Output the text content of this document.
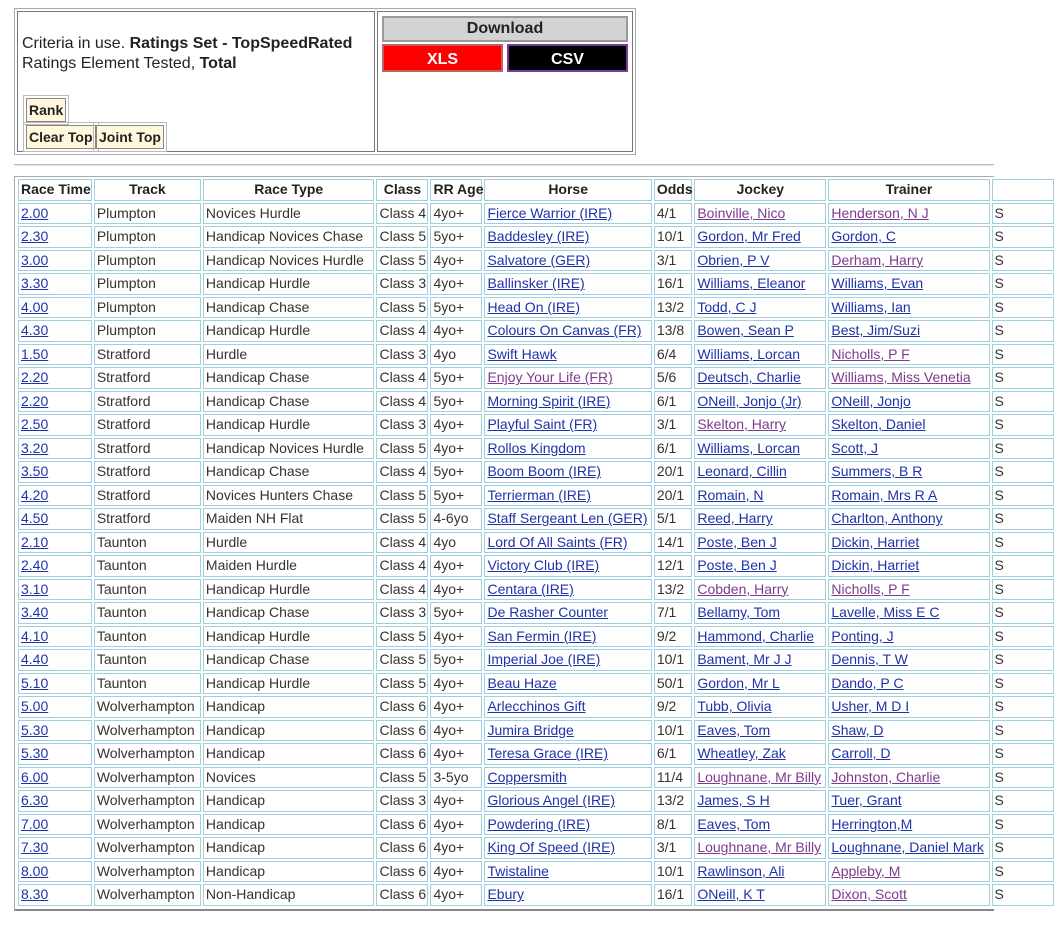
Criteria in use. Ratings Set - TopSpeedRated
Ratings Element Tested, Total
Rank
Clear Top Joint Top
Download
XLS	CSV
Race Time	Track	Race Type	Class	RR Age	Horse	Odds	Jockey	Trainer	
2.00	Plumpton	Novices Hurdle	Class 4	4yo+	Fierce Warrior (IRE)	4/1	Boinville, Nico	Henderson, N J	S
2.30	Plumpton	Handicap Novices Chase	Class 5	5yo+	Baddesley (IRE)	10/1	Gordon, Mr Fred	Gordon, C	S
3.00	Plumpton	Handicap Novices Hurdle	Class 5	4yo+	Salvatore (GER)	3/1	Obrien, P V	Derham, Harry	S
3.30	Plumpton	Handicap Hurdle	Class 3	4yo+	Ballinsker (IRE)	16/1	Williams, Eleanor	Williams, Evan	S
4.00	Plumpton	Handicap Chase	Class 5	5yo+	Head On (IRE)	13/2	Todd, C J	Williams, Ian	S
4.30	Plumpton	Handicap Hurdle	Class 4	4yo+	Colours On Canvas (FR)	13/8	Bowen, Sean P	Best, Jim/Suzi	S
1.50	Stratford	Hurdle	Class 3	4yo	Swift Hawk	6/4	Williams, Lorcan	Nicholls, P F	S
2.20	Stratford	Handicap Chase	Class 4	5yo+	Enjoy Your Life (FR)	5/6	Deutsch, Charlie	Williams, Miss Venetia	S
2.20	Stratford	Handicap Chase	Class 4	5yo+	Morning Spirit (IRE)	6/1	ONeill, Jonjo (Jr)	ONeill, Jonjo	S
2.50	Stratford	Handicap Hurdle	Class 3	4yo+	Playful Saint (FR)	3/1	Skelton, Harry	Skelton, Daniel	S
3.20	Stratford	Handicap Novices Hurdle	Class 5	4yo+	Rollos Kingdom	6/1	Williams, Lorcan	Scott, J	S
3.50	Stratford	Handicap Chase	Class 4	5yo+	Boom Boom (IRE)	20/1	Leonard, Cillin	Summers, B R	S
4.20	Stratford	Novices Hunters Chase	Class 5	5yo+	Terrierman (IRE)	20/1	Romain, N	Romain, Mrs R A	S
4.50	Stratford	Maiden NH Flat	Class 5	4-6yo	Staff Sergeant Len (GER)	5/1	Reed, Harry	Charlton, Anthony	S
2.10	Taunton	Hurdle	Class 4	4yo	Lord Of All Saints (FR)	14/1	Poste, Ben J	Dickin, Harriet	S
2.40	Taunton	Maiden Hurdle	Class 4	4yo+	Victory Club (IRE)	12/1	Poste, Ben J	Dickin, Harriet	S
3.10	Taunton	Handicap Hurdle	Class 4	4yo+	Centara (IRE)	13/2	Cobden, Harry	Nicholls, P F	S
3.40	Taunton	Handicap Chase	Class 3	5yo+	De Rasher Counter	7/1	Bellamy, Tom	Lavelle, Miss E C	S
4.10	Taunton	Handicap Hurdle	Class 5	4yo+	San Fermin (IRE)	9/2	Hammond, Charlie	Ponting, J	S
4.40	Taunton	Handicap Chase	Class 5	5yo+	Imperial Joe (IRE)	10/1	Bament, Mr J J	Dennis, T W	S
5.10	Taunton	Handicap Hurdle	Class 5	4yo+	Beau Haze	50/1	Gordon, Mr L	Dando, P C	S
5.00	Wolverhampton	Handicap	Class 6	4yo+	Arlecchinos Gift	9/2	Tubb, Olivia	Usher, M D I	S
5.30	Wolverhampton	Handicap	Class 6	4yo+	Jumira Bridge	10/1	Eaves, Tom	Shaw, D	S
5.30	Wolverhampton	Handicap	Class 6	4yo+	Teresa Grace (IRE)	6/1	Wheatley, Zak	Carroll, D	S
6.00	Wolverhampton	Novices	Class 5	3-5yo	Coppersmith	11/4	Loughnane, Mr Billy	Johnston, Charlie	S
6.30	Wolverhampton	Handicap	Class 3	4yo+	Glorious Angel (IRE)	13/2	James, S H	Tuer, Grant	S
7.00	Wolverhampton	Handicap	Class 6	4yo+	Powdering (IRE)	8/1	Eaves, Tom	Herrington,M	S
7.30	Wolverhampton	Handicap	Class 6	4yo+	King Of Speed (IRE)	3/1	Loughnane, Mr Billy	Loughnane, Daniel Mark	S
8.00	Wolverhampton	Handicap	Class 6	4yo+	Twistaline	10/1	Rawlinson, Ali	Appleby, M	S
8.30	Wolverhampton	Non-Handicap	Class 6	4yo+	Ebury	16/1	ONeill, K T	Dixon, Scott	S
